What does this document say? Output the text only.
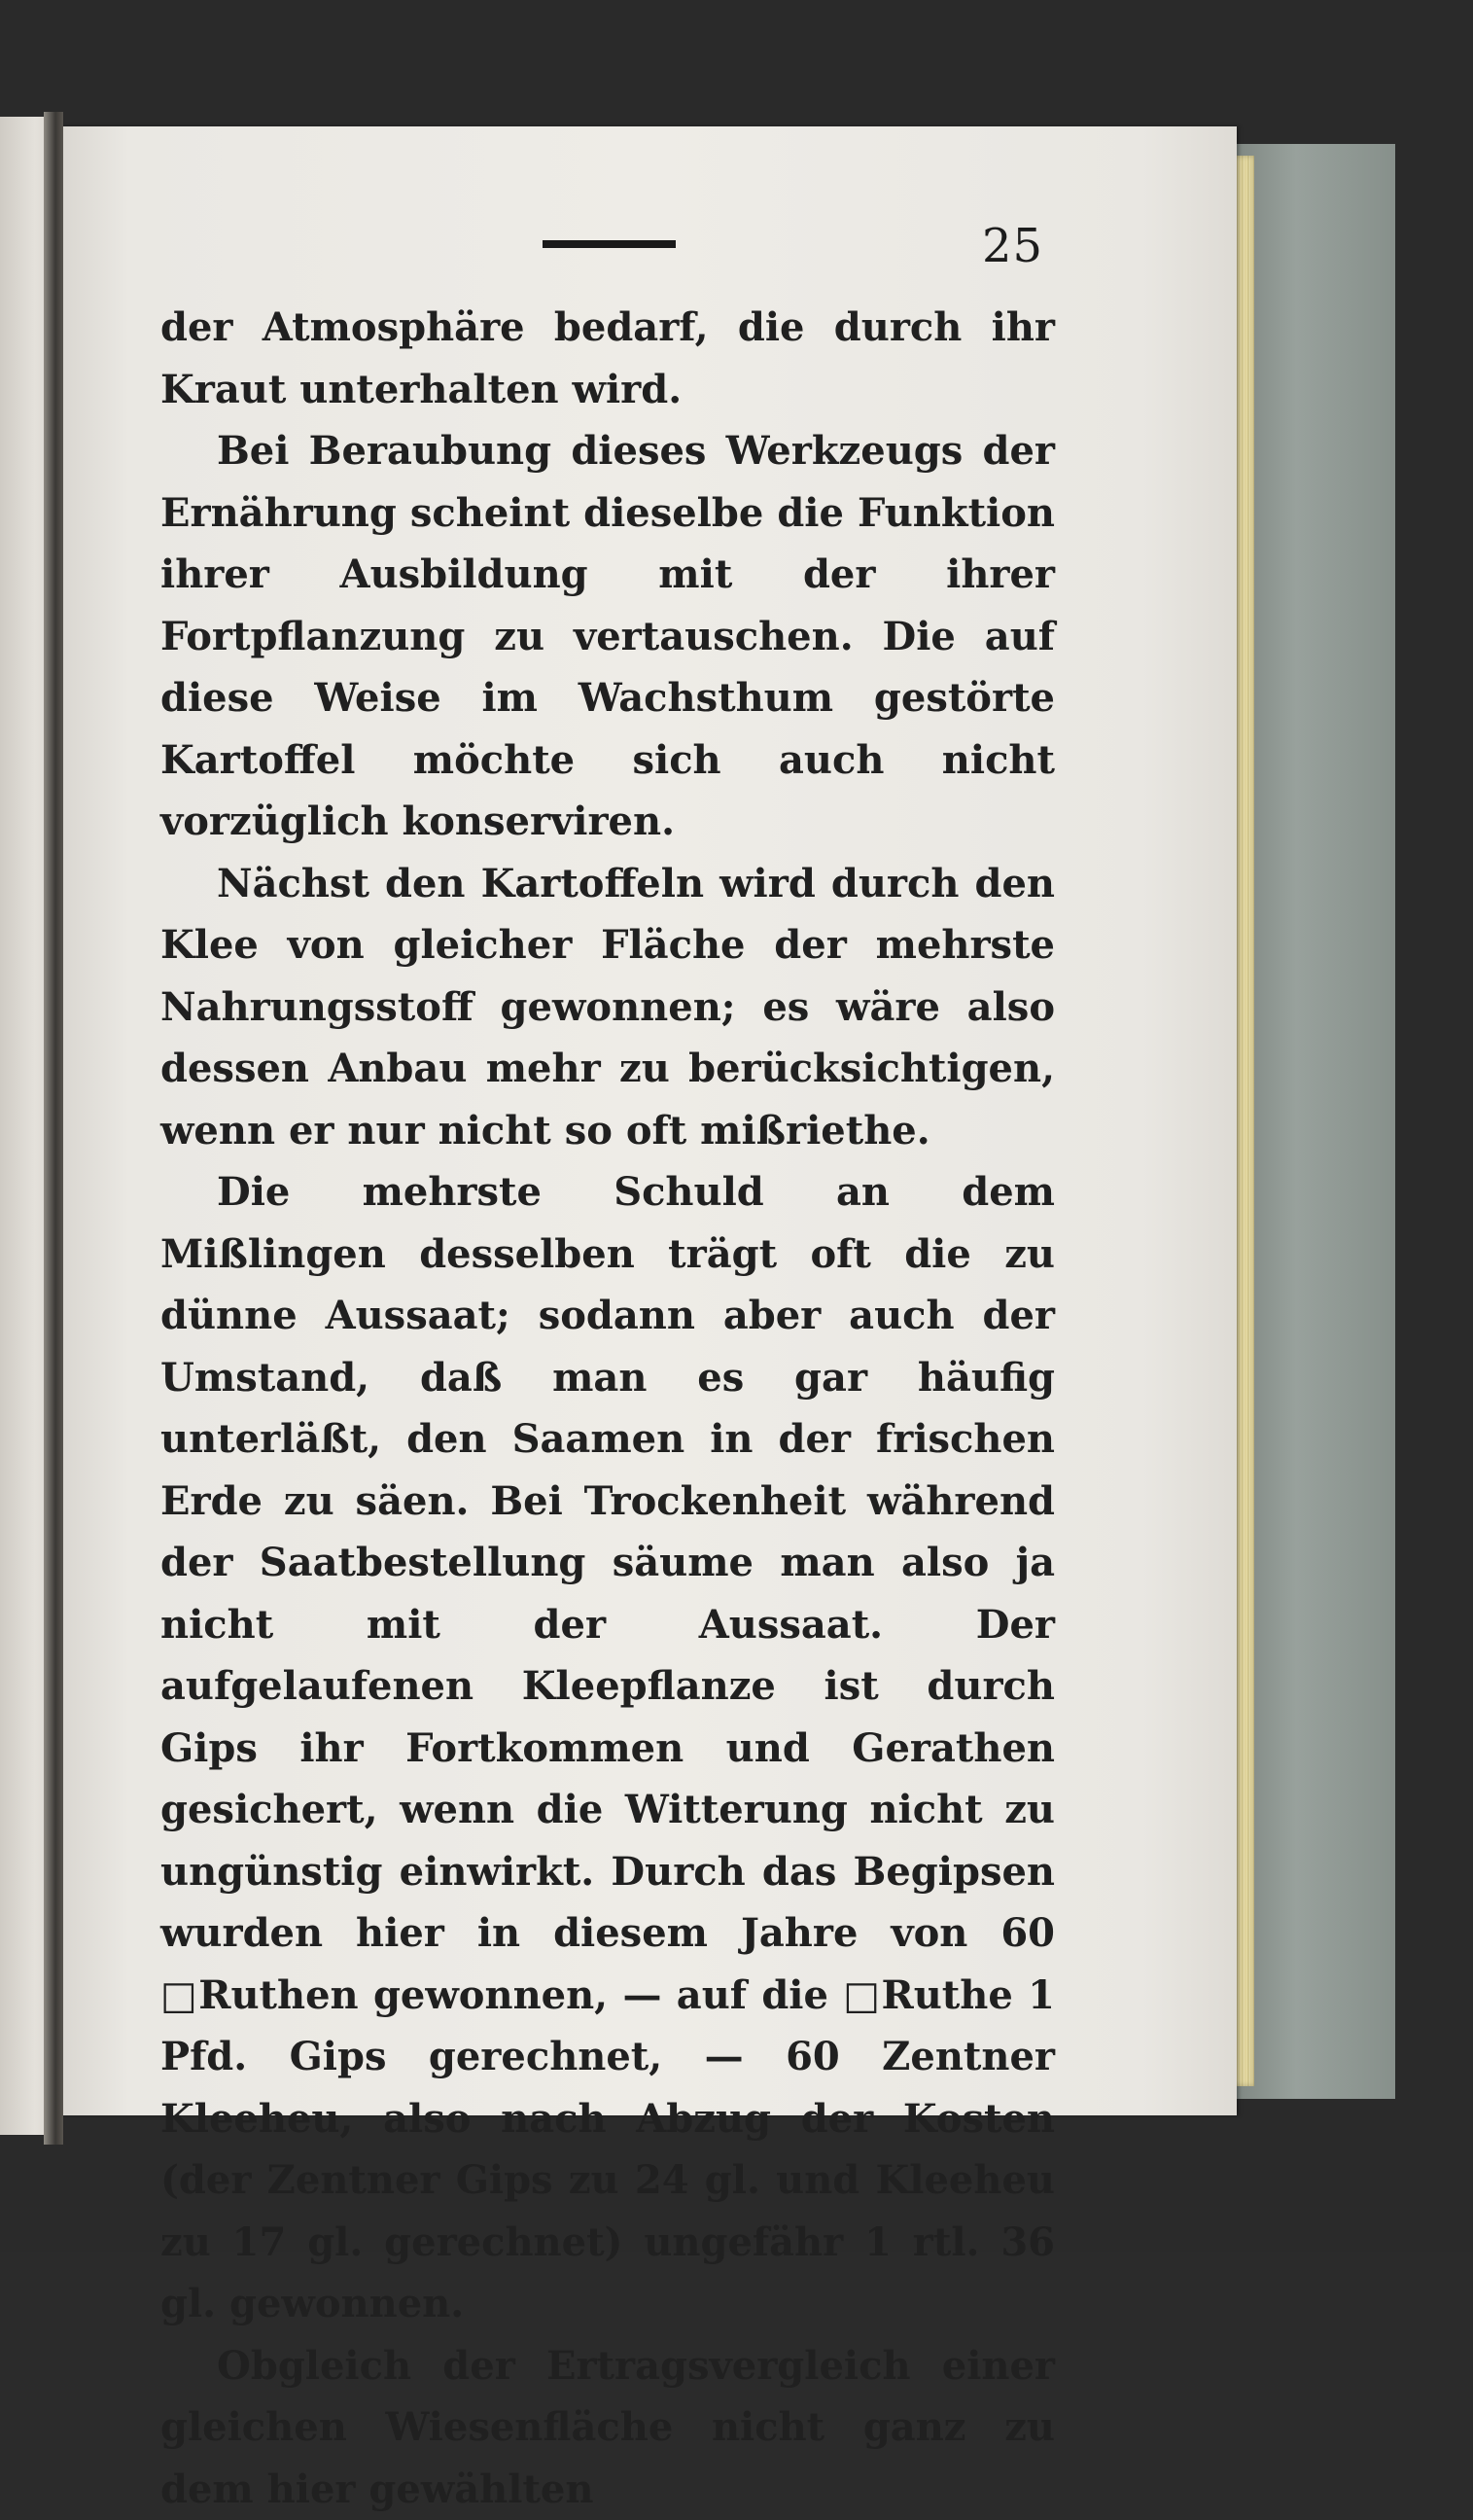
25

der Atmosphäre bedarf, die durch ihr Kraut unterhalten wird.

Bei Beraubung dieses Werkzeugs der Ernährung scheint dieselbe die Funktion ihrer Ausbildung mit der ihrer Fortpflanzung zu vertauschen. Die auf diese Weise im Wachsthum gestörte Kartoffel möchte sich auch nicht vorzüglich konserviren.

Nächst den Kartoffeln wird durch den Klee von gleicher Fläche der mehrste Nahrungsstoff gewonnen; es wäre also dessen Anbau mehr zu berücksichtigen, wenn er nur nicht so oft mißriethe.

Die mehrste Schuld an dem Mißlingen desselben trägt oft die zu dünne Aussaat; sodann aber auch der Umstand, daß man es gar häufig unterläßt, den Saamen in der frischen Erde zu säen. Bei Trockenheit während der Saatbestellung säume man also ja nicht mit der Aussaat. Der aufgelaufenen Kleepflanze ist durch Gips ihr Fortkommen und Gerathen gesichert, wenn die Witterung nicht zu ungünstig einwirkt. Durch das Begipsen wurden hier in diesem Jahre von 60 □Ruthen gewonnen, — auf die □Ruthe 1 Pfd. Gips gerechnet, — 60 Zentner Kleeheu, also nach Abzug der Kosten (der Zentner Gips zu 24 gl. und Kleeheu zu 17 gl. gerechnet) ungefähr 1 rtl. 36 gl. gewonnen.

Obgleich der Ertragsvergleich einer gleichen Wiesenfläche nicht ganz zu dem hier gewählten
